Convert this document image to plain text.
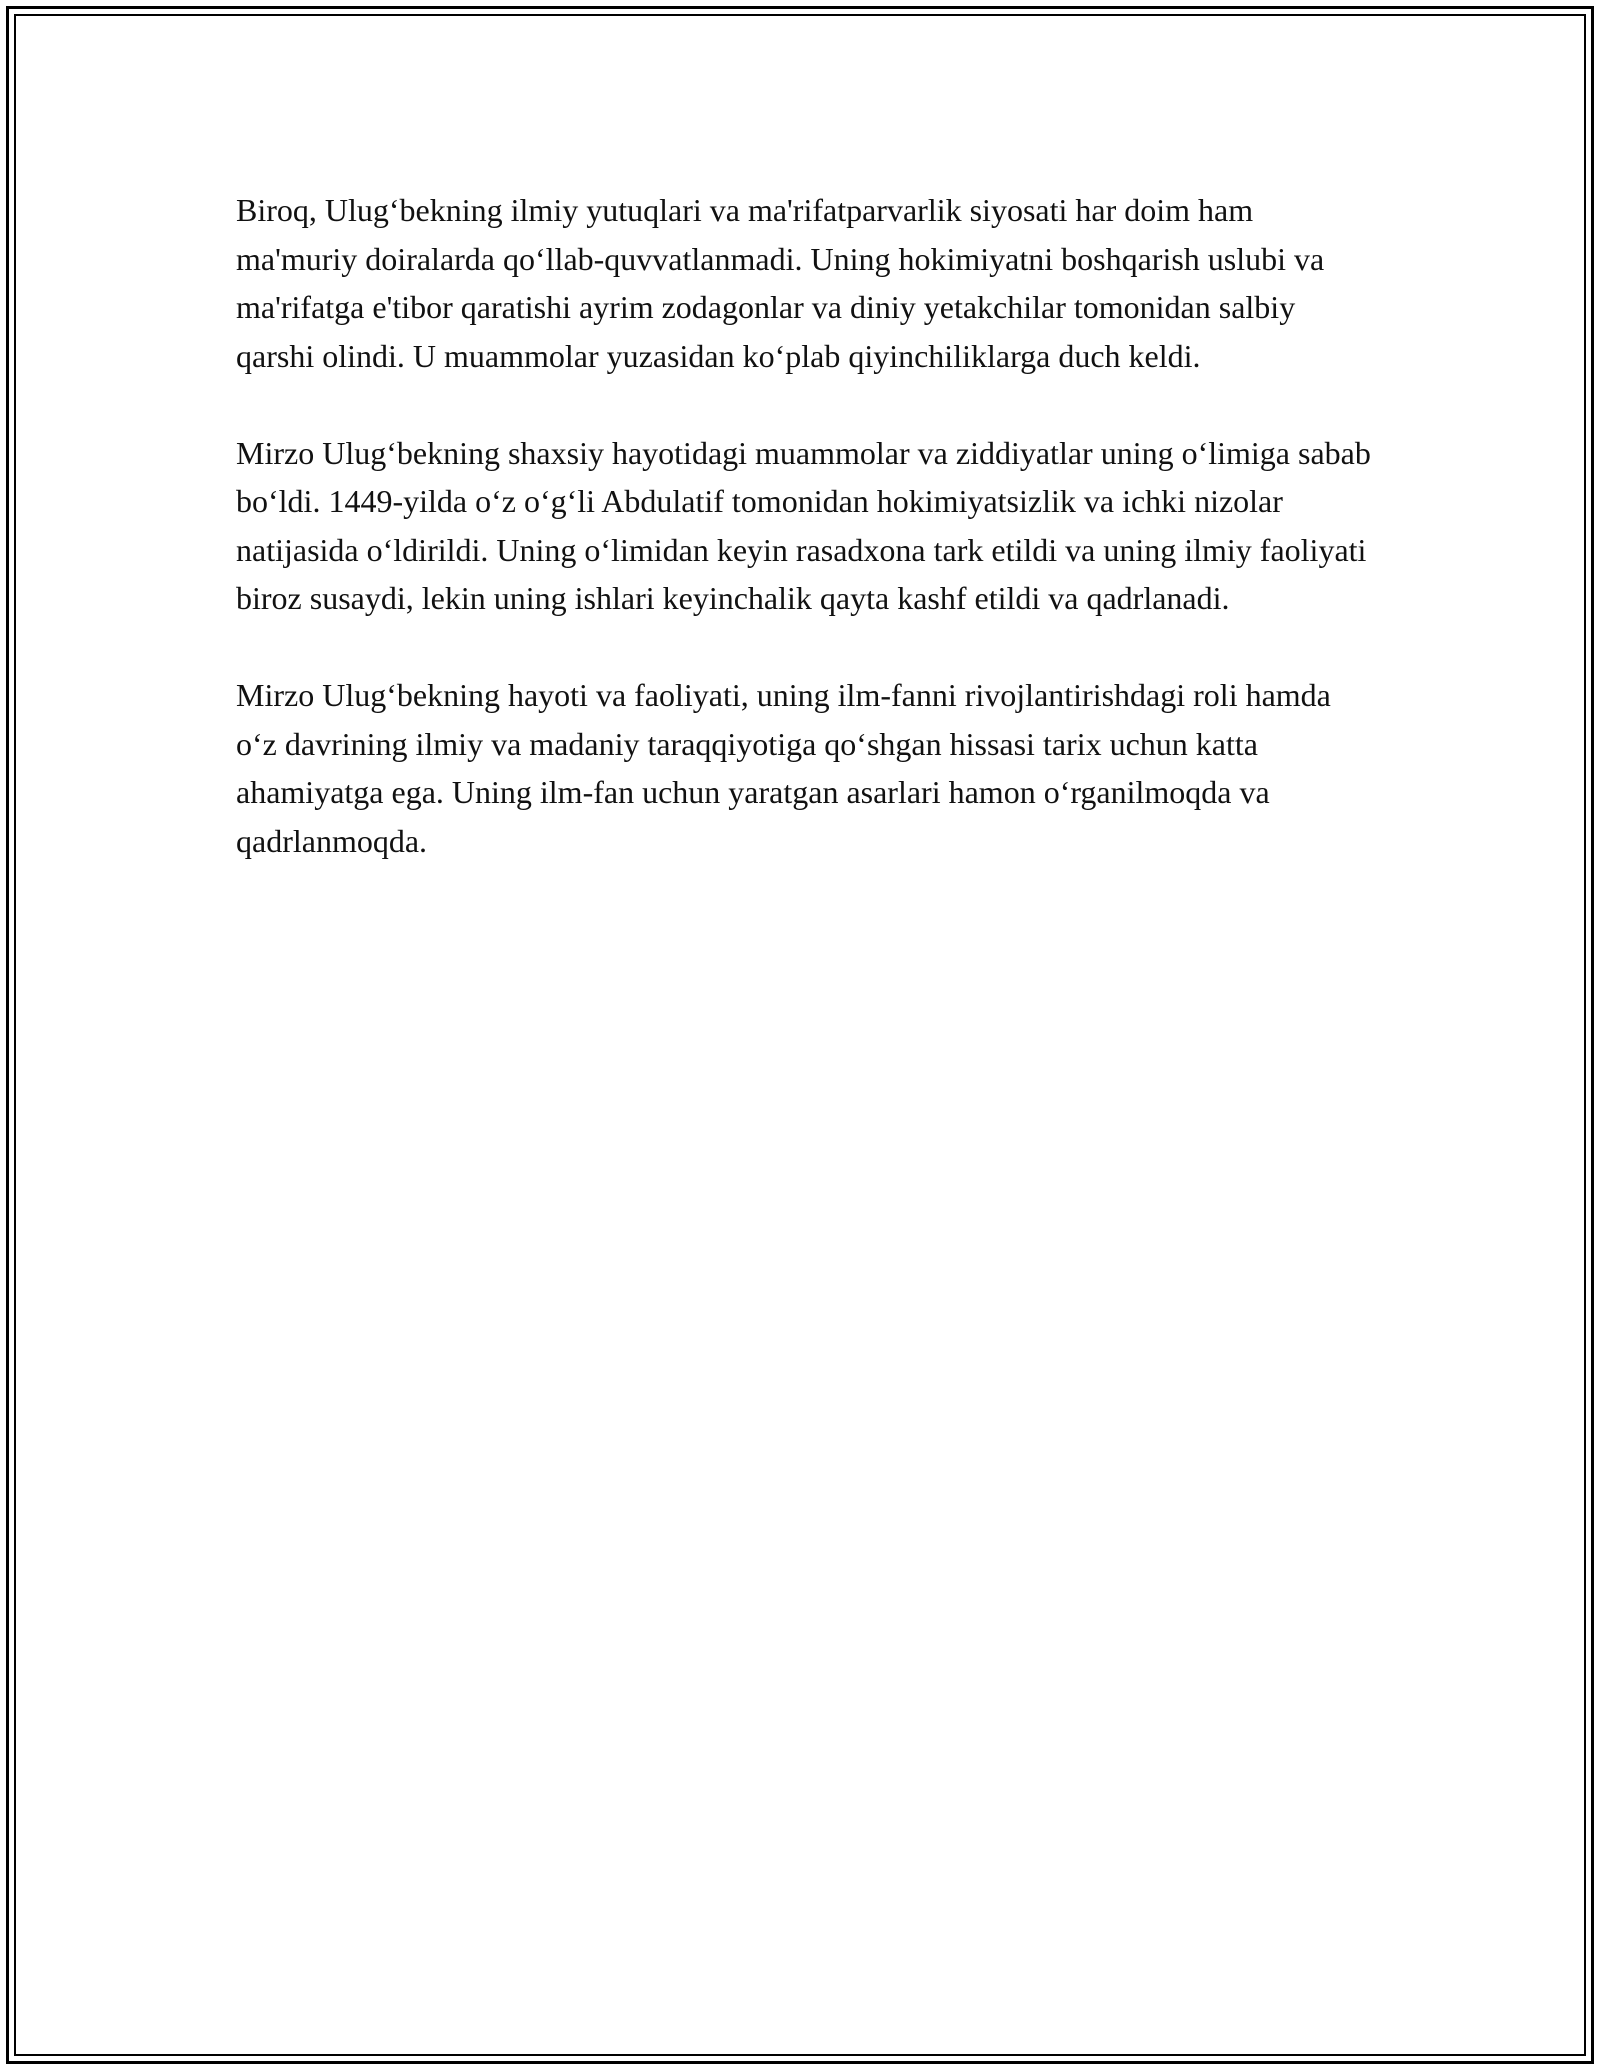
Biroq, Ulugʻbekning ilmiy yutuqlari va ma'rifatparvarlik siyosati har doim ham ma'muriy doiralarda qoʻllab-quvvatlanmadi. Uning hokimiyatni boshqarish uslubi va ma'rifatga e'tibor qaratishi ayrim zodagonlar va diniy yetakchilar tomonidan salbiy qarshi olindi. U muammolar yuzasidan koʻplab qiyinchiliklarga duch keldi.

Mirzo Ulugʻbekning shaxsiy hayotidagi muammolar va ziddiyatlar uning oʻlimiga sabab boʻldi. 1449-yilda oʻz oʻgʻli Abdulatif tomonidan hokimiyatsizlik va ichki nizolar natijasida oʻldirildi. Uning oʻlimidan keyin rasadxona tark etildi va uning ilmiy faoliyati biroz susaydi, lekin uning ishlari keyinchalik qayta kashf etildi va qadrlanadi.

Mirzo Ulugʻbekning hayoti va faoliyati, uning ilm-fanni rivojlantirishdagi roli hamda oʻz davrining ilmiy va madaniy taraqqiyotiga qoʻshgan hissasi tarix uchun katta ahamiyatga ega. Uning ilm-fan uchun yaratgan asarlari hamon oʻrganilmoqda va qadrlanmoqda.
